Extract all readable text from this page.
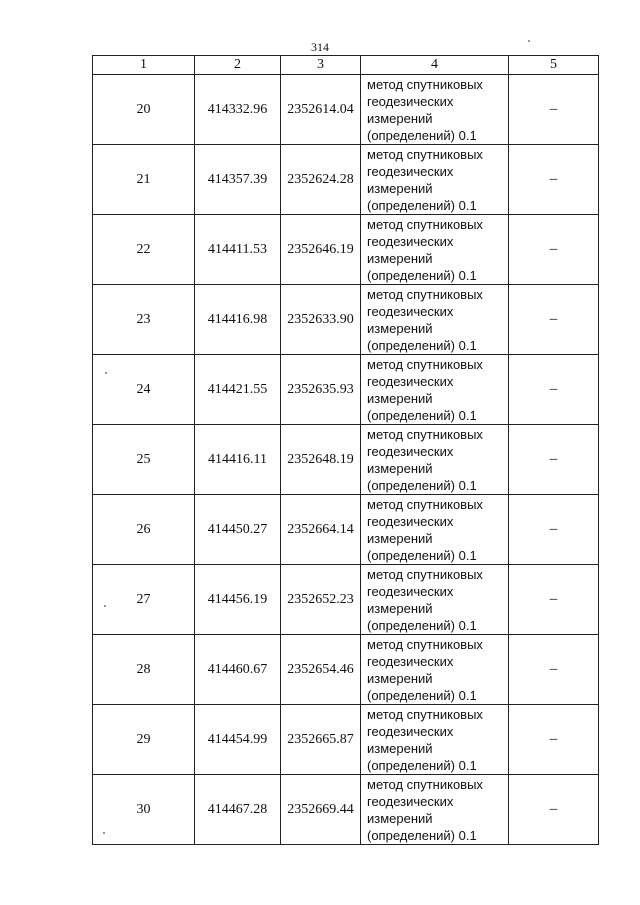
314
1	2	3	4	5
20	414332.96	2352614.04	метод спутниковых геодезических измерений (определений) 0.1	–
21	414357.39	2352624.28	метод спутниковых геодезических измерений (определений) 0.1	–
22	414411.53	2352646.19	метод спутниковых геодезических измерений (определений) 0.1	–
23	414416.98	2352633.90	метод спутниковых геодезических измерений (определений) 0.1	–
24	414421.55	2352635.93	метод спутниковых геодезических измерений (определений) 0.1	–
25	414416.11	2352648.19	метод спутниковых геодезических измерений (определений) 0.1	–
26	414450.27	2352664.14	метод спутниковых геодезических измерений (определений) 0.1	–
27	414456.19	2352652.23	метод спутниковых геодезических измерений (определений) 0.1	–
28	414460.67	2352654.46	метод спутниковых геодезических измерений (определений) 0.1	–
29	414454.99	2352665.87	метод спутниковых геодезических измерений (определений) 0.1	–
30	414467.28	2352669.44	метод спутниковых геодезических измерений (определений) 0.1	–
